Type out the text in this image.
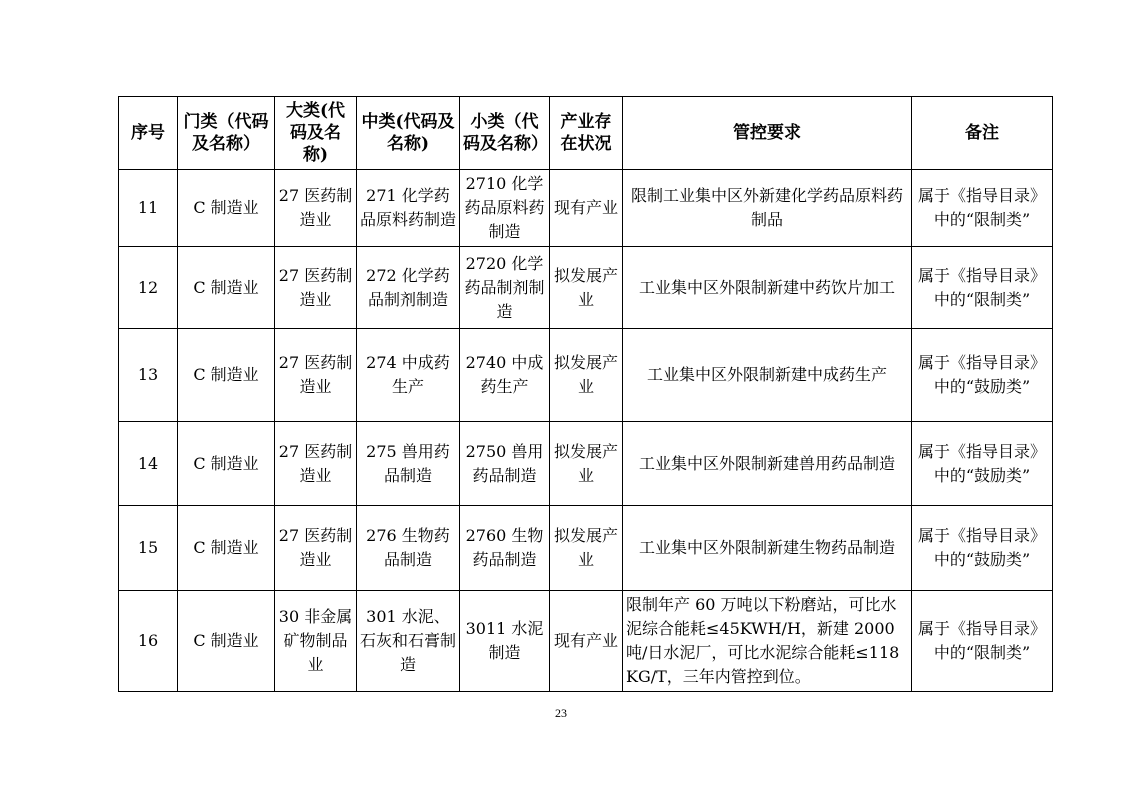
序号	门类（代码及名称）	大类(代码及名称)	中类(代码及名称)	小类（代码及名称）	产业存在状况	管控要求	备注
11	C 制造业	27 医药制造业	271 化学药品原料药制造	2710 化学药品原料药制造	现有产业	限制工业集中区外新建化学药品原料药制品	属于《指导目录》中的“限制类”
12	C 制造业	27 医药制造业	272 化学药品制剂制造	2720 化学药品制剂制造	拟发展产业	工业集中区外限制新建中药饮片加工	属于《指导目录》中的“限制类”
13	C 制造业	27 医药制造业	274 中成药生产	2740 中成药生产	拟发展产业	工业集中区外限制新建中成药生产	属于《指导目录》中的“鼓励类”
14	C 制造业	27 医药制造业	275 兽用药品制造	2750 兽用药品制造	拟发展产业	工业集中区外限制新建兽用药品制造	属于《指导目录》中的“鼓励类”
15	C 制造业	27 医药制造业	276 生物药品制造	2760 生物药品制造	拟发展产业	工业集中区外限制新建生物药品制造	属于《指导目录》中的“鼓励类”
16	C 制造业	30 非金属矿物制品业	301 水泥、石灰和石膏制造	3011 水泥制造	现有产业	限制年产 60 万吨以下粉磨站，可比水泥综合能耗≤45KWH/H，新建 2000 吨/日水泥厂，可比水泥综合能耗≤118KG/T，三年内管控到位。	属于《指导目录》中的“限制类”
23
